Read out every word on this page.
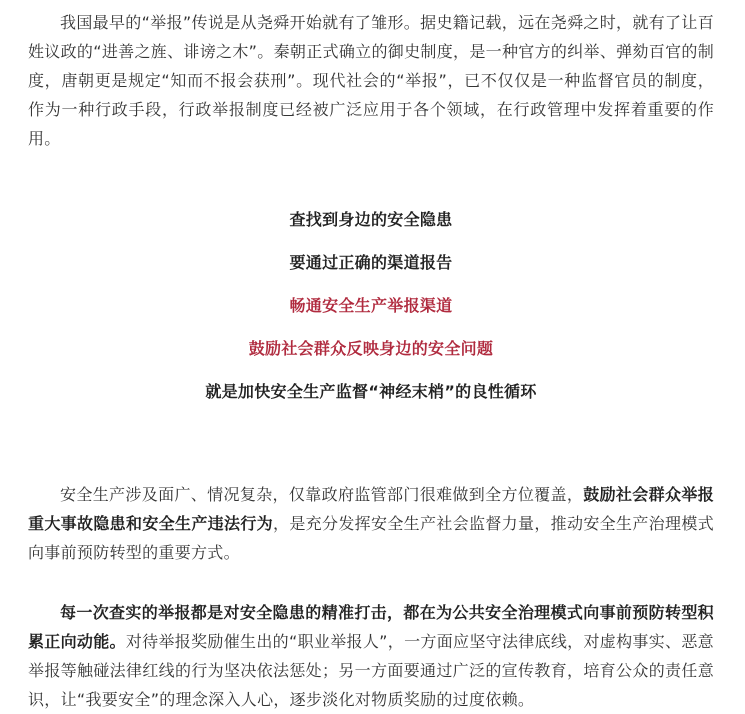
我国最早的“举报”传说是从尧舜开始就有了雏形。据史籍记载，远在尧舜之时，就有了让百姓议政的“进善之旌、诽谤之木”。秦朝正式确立的御史制度，是一种官方的纠举、弹劾百官的制度，唐朝更是规定“知而不报会获刑”。现代社会的“举报”，已不仅仅是一种监督官员的制度，作为一种行政手段，行政举报制度已经被广泛应用于各个领域，在行政管理中发挥着重要的作用。

查找到身边的安全隐患

要通过正确的渠道报告

畅通安全生产举报渠道

鼓励社会群众反映身边的安全问题

就是加快安全生产监督“神经末梢”的良性循环

安全生产涉及面广、情况复杂，仅靠政府监管部门很难做到全方位覆盖，鼓励社会群众举报重大事故隐患和安全生产违法行为，是充分发挥安全生产社会监督力量，推动安全生产治理模式向事前预防转型的重要方式。

每一次查实的举报都是对安全隐患的精准打击，都在为公共安全治理模式向事前预防转型积累正向动能。对待举报奖励催生出的“职业举报人”，一方面应坚守法律底线，对虚构事实、恶意举报等触碰法律红线的行为坚决依法惩处；另一方面要通过广泛的宣传教育，培育公众的责任意识，让“我要安全”的理念深入人心，逐步淡化对物质奖励的过度依赖。
